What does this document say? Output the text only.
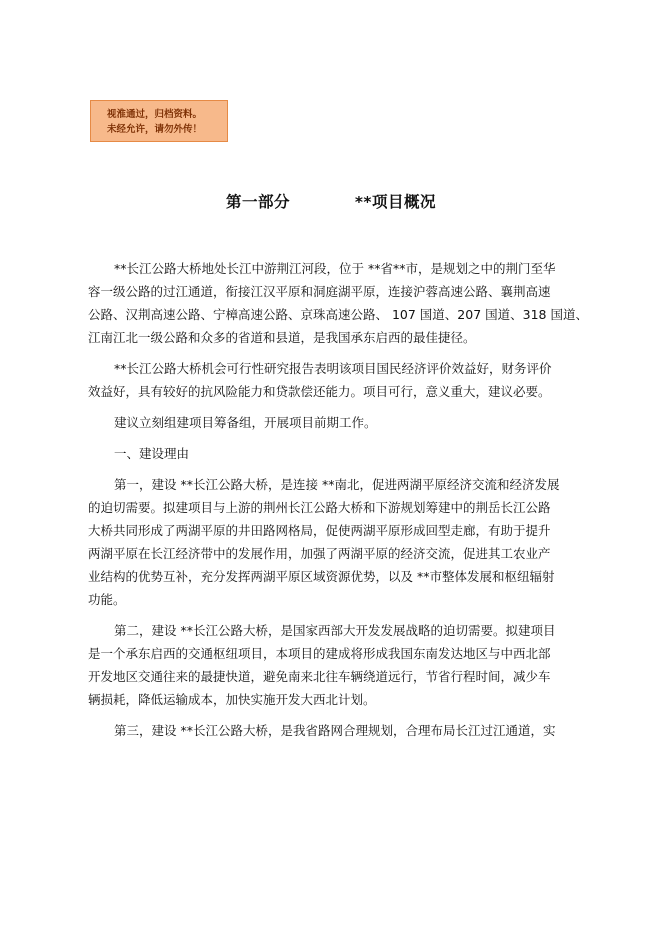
视淮通过，归档资料。
未经允许，请勿外传！
第一部分	**项目概况

**长江公路大桥地处长江中游荆江河段，位于 **省**市，是规划之中的荆门至华
容一级公路的过江通道，衔接江汉平原和洞庭湖平原，连接沪蓉高速公路、襄荆高速
公路、汉荆高速公路、宁樟高速公路、京珠高速公路、 107 国道、207 国道、318 国道、
江南江北一级公路和众多的省道和县道，是我国承东启西的最佳捷径。

**长江公路大桥机会可行性研究报告表明该项目国民经济评价效益好，财务评价
效益好，具有较好的抗风险能力和贷款偿还能力。项目可行，意义重大，建议必要。

建议立刻组建项目筹备组，开展项目前期工作。

一、建设理由

第一，建设 **长江公路大桥，是连接 **南北，促进两湖平原经济交流和经济发展
的迫切需要。拟建项目与上游的荆州长江公路大桥和下游规划筹建中的荆岳长江公路
大桥共同形成了两湖平原的井田路网格局，促使两湖平原形成回型走廊，有助于提升
两湖平原在长江经济带中的发展作用，加强了两湖平原的经济交流，促进其工农业产
业结构的优势互补，充分发挥两湖平原区域资源优势，以及 **市整体发展和枢纽辐射
功能。

第二，建设 **长江公路大桥，是国家西部大开发发展战略的迫切需要。拟建项目
是一个承东启西的交通枢纽项目，本项目的建成将形成我国东南发达地区与中西北部
开发地区交通往来的最捷快道，避免南来北往车辆绕道远行，节省行程时间，减少车
辆损耗，降低运输成本，加快实施开发大西北计划。

第三，建设 **长江公路大桥，是我省路网合理规划，合理布局长江过江通道，实
